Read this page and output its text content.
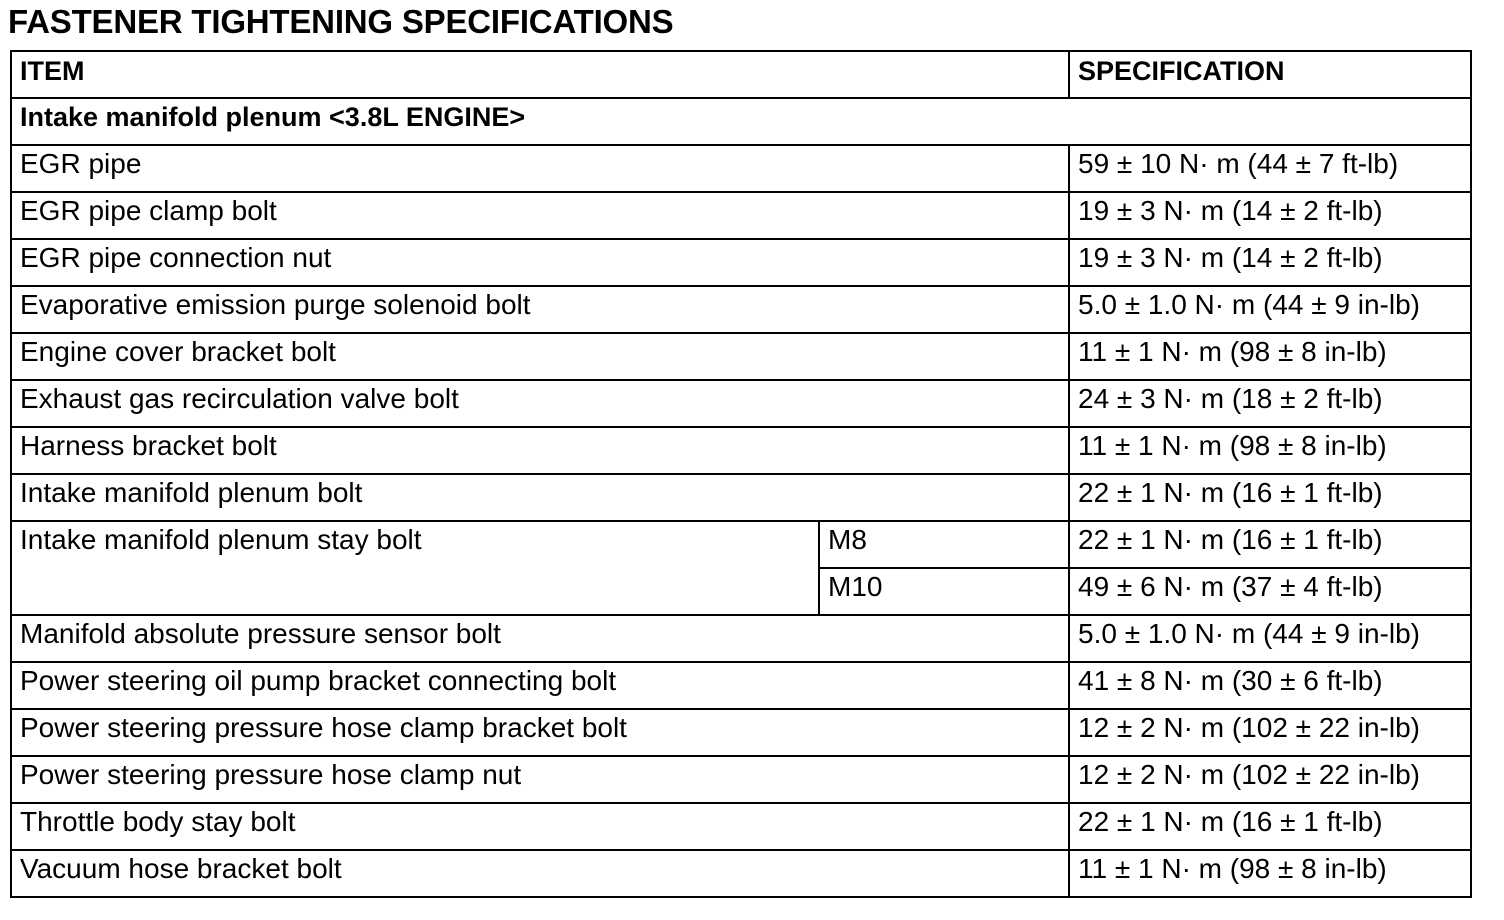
FASTENER TIGHTENING SPECIFICATIONS
ITEM		SPECIFICATION
Intake manifold plenum <3.8L ENGINE>		
EGR pipe		59 ± 10 N· m (44 ± 7 ft-lb)
EGR pipe clamp bolt		19 ± 3 N· m (14 ± 2 ft-lb)
EGR pipe connection nut		19 ± 3 N· m (14 ± 2 ft-lb)
Evaporative emission purge solenoid bolt		5.0 ± 1.0 N· m (44 ± 9 in-lb)
Engine cover bracket bolt		11 ± 1 N· m (98 ± 8 in-lb)
Exhaust gas recirculation valve bolt		24 ± 3 N· m (18 ± 2 ft-lb)
Harness bracket bolt		11 ± 1 N· m (98 ± 8 in-lb)
Intake manifold plenum bolt		22 ± 1 N· m (16 ± 1 ft-lb)
Intake manifold plenum stay bolt	M8	22 ± 1 N· m (16 ± 1 ft-lb)
	M10	49 ± 6 N· m (37 ± 4 ft-lb)
Manifold absolute pressure sensor bolt		5.0 ± 1.0 N· m (44 ± 9 in-lb)
Power steering oil pump bracket connecting bolt		41 ± 8 N· m (30 ± 6 ft-lb)
Power steering pressure hose clamp bracket bolt		12 ± 2 N· m (102 ± 22 in-lb)
Power steering pressure hose clamp nut		12 ± 2 N· m (102 ± 22 in-lb)
Throttle body stay bolt		22 ± 1 N· m (16 ± 1 ft-lb)
Vacuum hose bracket bolt		11 ± 1 N· m (98 ± 8 in-lb)
